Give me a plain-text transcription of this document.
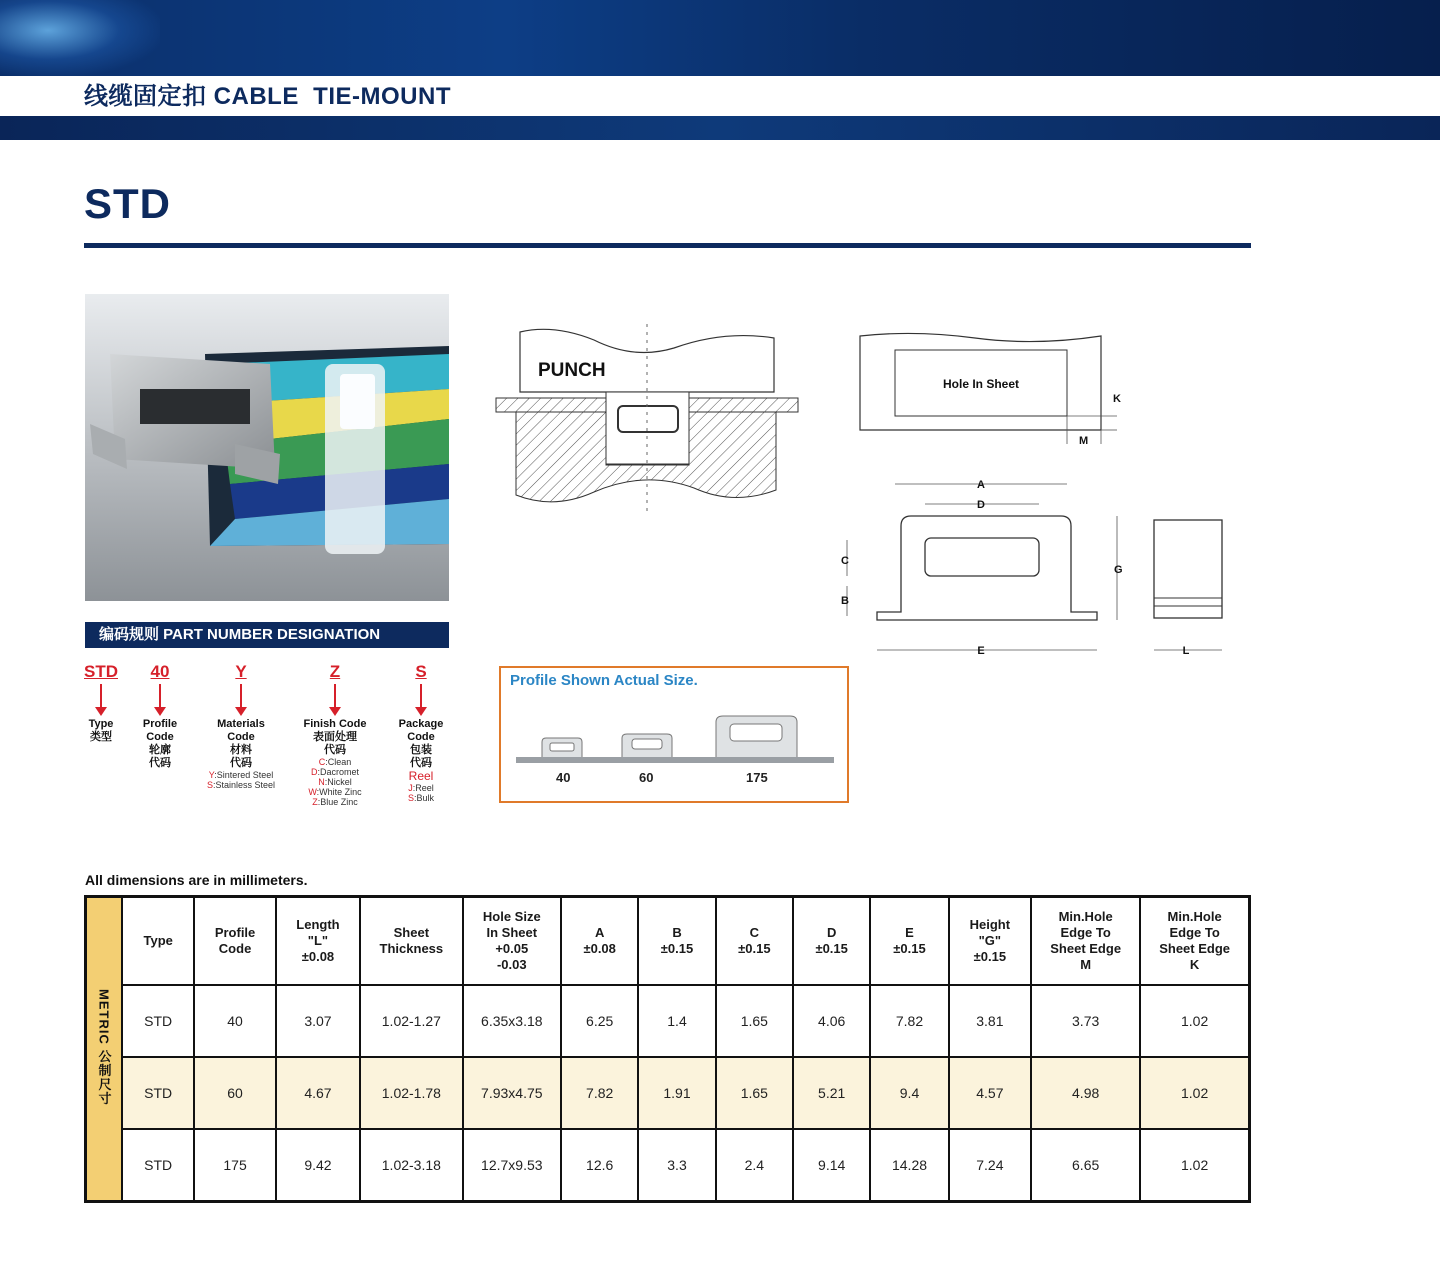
线缆固定扣 CABLE  TIE-MOUNT
STD
编码规则 PART NUMBER DESIGNATION
STD
Type
类型
40
Profile
Code
轮廓
代码
Y
Materials
Code
材料
代码
Y:Sintered Steel
S:Stainless Steel
Z
Finish Code
表面处理
代码
C:Clean
D:Dacromet
N:Nickel
W:White Zinc
Z:Blue Zinc
S
Package
Code
包装
代码
Reel
J:Reel
S:Bulk
PUNCH
Hole In Sheet
K
M
A
D
C
B
G
E	L
Profile Shown Actual Size.
40	60	175
All dimensions are in millimeters.
METRIC 公制尺寸	Type	Profile
Code	Length
"L"
±0.08	Sheet
Thickness	Hole Size
In Sheet
+0.05
-0.03	A
±0.08	B
±0.15	C
±0.15	D
±0.15	E
±0.15	Height
"G"
±0.15	Min.Hole
Edge To
Sheet Edge
M	Min.Hole
Edge To
Sheet Edge
K
	STD	40	3.07	1.02-1.27	6.35x3.18	6.25	1.4	1.65	4.06	7.82	3.81	3.73	1.02
	STD	60	4.67	1.02-1.78	7.93x4.75	7.82	1.91	1.65	5.21	9.4	4.57	4.98	1.02
	STD	175	9.42	1.02-3.18	12.7x9.53	12.6	3.3	2.4	9.14	14.28	7.24	6.65	1.02
